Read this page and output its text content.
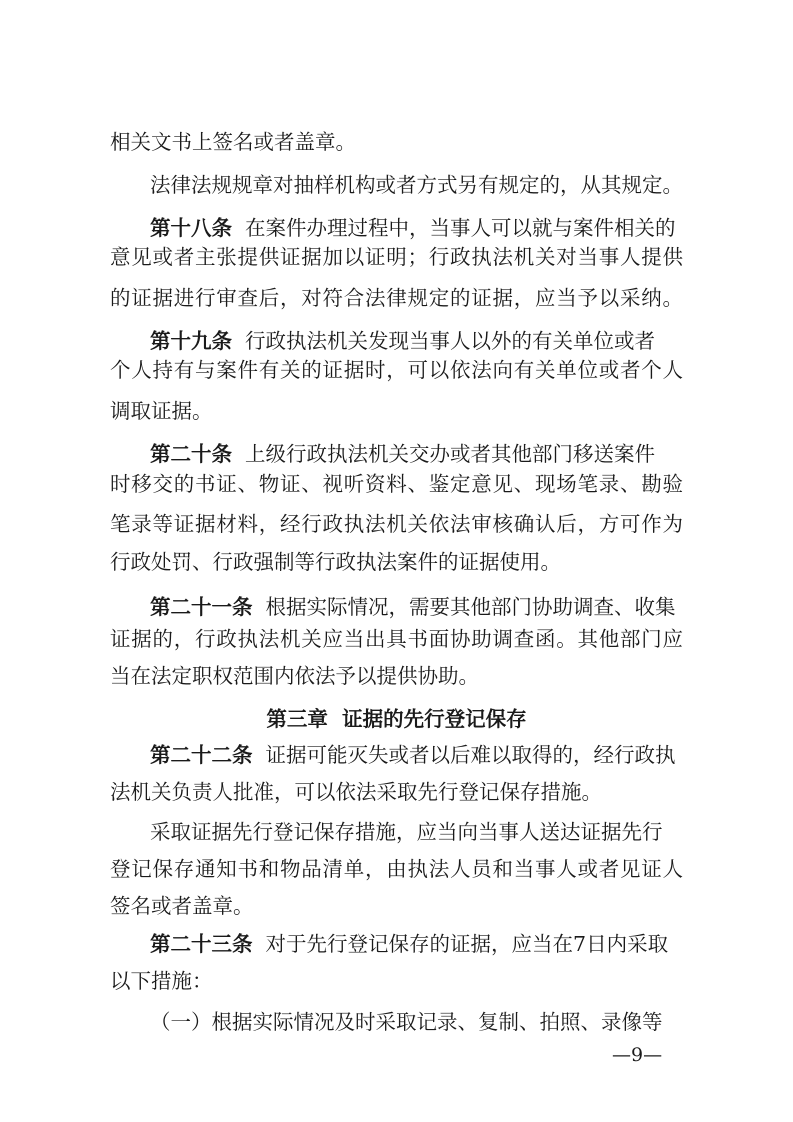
相关文书上签名或者盖章。
法律法规规章对抽样机构或者方式另有规定的，从其规定。
第十八条 在案件办理过程中，当事人可以就与案件相关的
意见或者主张提供证据加以证明；行政执法机关对当事人提供
的证据进行审查后，对符合法律规定的证据，应当予以采纳。
第十九条 行政执法机关发现当事人以外的有关单位或者
个人持有与案件有关的证据时，可以依法向有关单位或者个人
调取证据。
第二十条 上级行政执法机关交办或者其他部门移送案件
时移交的书证、物证、视听资料、鉴定意见、现场笔录、勘验
笔录等证据材料，经行政执法机关依法审核确认后，方可作为
行政处罚、行政强制等行政执法案件的证据使用。
第二十一条 根据实际情况，需要其他部门协助调查、收集
证据的，行政执法机关应当出具书面协助调查函。其他部门应
当在法定职权范围内依法予以提供协助。
第三章  证据的先行登记保存
第二十二条 证据可能灭失或者以后难以取得的，经行政执
法机关负责人批准，可以依法采取先行登记保存措施。
采取证据先行登记保存措施，应当向当事人送达证据先行
登记保存通知书和物品清单，由执法人员和当事人或者见证人
签名或者盖章。
第二十三条 对于先行登记保存的证据，应当在7日内采取
以下措施：
（一）根据实际情况及时采取记录、复制、拍照、录像等
—9—
